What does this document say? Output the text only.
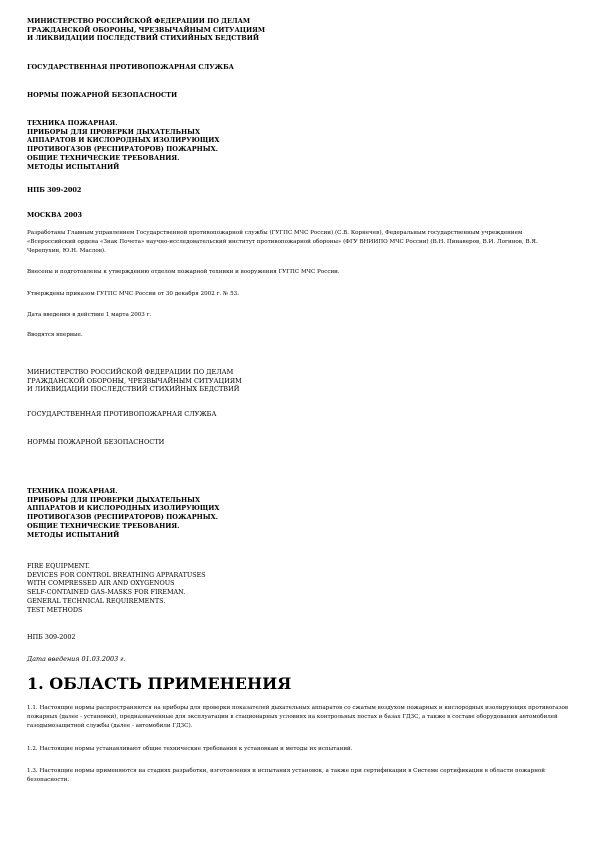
МИНИСТЕРСТВО РОССИЙСКОЙ ФЕДЕРАЦИИ ПО ДЕЛАМ
ГРАЖДАНСКОЙ ОБОРОНЫ, ЧРЕЗВЫЧАЙНЫМ СИТУАЦИЯМ
И ЛИКВИДАЦИИ ПОСЛЕДСТВИЙ СТИХИЙНЫХ БЕДСТВИЙ

ГОСУДАРСТВЕННАЯ ПРОТИВОПОЖАРНАЯ СЛУЖБА

НОРМЫ ПОЖАРНОЙ БЕЗОПАСНОСТИ

ТЕХНИКА ПОЖАРНАЯ.
ПРИБОРЫ ДЛЯ ПРОВЕРКИ ДЫХАТЕЛЬНЫХ
АППАРАТОВ И КИСЛОРОДНЫХ ИЗОЛИРУЮЩИХ
ПРОТИВОГАЗОВ (РЕСПИРАТОРОВ) ПОЖАРНЫХ.
ОБЩИЕ ТЕХНИЧЕСКИЕ ТРЕБОВАНИЯ.
МЕТОДЫ ИСПЫТАНИЙ

НПБ 309-2002

МОСКВА 2003

Разработаны Главным управлением Государственной противопожарной службы (ГУГПС МЧС России) (С.В. Корнечев), Федеральным государственным учреждением «Всероссийский ордена «Знак Почета» научно-исследовательский институт противопожарной обороны» (ФГУ ВНИИПО МЧС России) (В.Н. Пинаверов, В.И. Логинов, В.Я. Черепухин, Ю.Н. Маслов).

Внесены и подготовлены к утверждению отделом пожарной техники и вооружения ГУГПС МЧС России.

Утверждены приказом ГУГПС МЧС России от 30 декабря 2002 г. № 53.

Дата введения в действие 1 марта 2003 г.

Вводятся впервые.

МИНИСТЕРСТВО РОССИЙСКОЙ ФЕДЕРАЦИИ ПО ДЕЛАМ
ГРАЖДАНСКОЙ ОБОРОНЫ, ЧРЕЗВЫЧАЙНЫМ СИТУАЦИЯМ
И ЛИКВИДАЦИИ ПОСЛЕДСТВИЙ СТИХИЙНЫХ БЕДСТВИЙ

ГОСУДАРСТВЕННАЯ ПРОТИВОПОЖАРНАЯ СЛУЖБА

НОРМЫ ПОЖАРНОЙ БЕЗОПАСНОСТИ

ТЕХНИКА ПОЖАРНАЯ.
ПРИБОРЫ ДЛЯ ПРОВЕРКИ ДЫХАТЕЛЬНЫХ
АППАРАТОВ И КИСЛОРОДНЫХ ИЗОЛИРУЮЩИХ
ПРОТИВОГАЗОВ (РЕСПИРАТОРОВ) ПОЖАРНЫХ.
ОБЩИЕ ТЕХНИЧЕСКИЕ ТРЕБОВАНИЯ.
МЕТОДЫ ИСПЫТАНИЙ

FIRE EQUIPMENT.
DEVICES FOR CONTROL BREATHING APPARATUSES
WITH COMPRESSED AIR AND OXYGENOUS
SELF-CONTAINED GAS-MASKS FOR FIREMAN.
GENERAL TECHNICAL REQUIREMENTS.
TEST METHODS

НПБ 309-2002

Дата введения 01.03.2003 г.

1. ОБЛАСТЬ ПРИМЕНЕНИЯ

1.1. Настоящие нормы распространяются на приборы для проверки показателей дыхательных аппаратов со сжатым воздухом пожарных и кислородных изолирующих противогазов пожарных (далее - установки), предназначенные для эксплуатации в стационарных условиях на контрольных постах и базах ГДЗС, а также в составе оборудования автомобилей газодымозащитной службы (далее - автомобили ГДЗС).

1.2. Настоящие нормы устанавливают общие технические требования к установкам и методы их испытаний.

1.3. Настоящие нормы применяются на стадиях разработки, изготовления и испытания установок, а также при сертификации в Системе сертификации в области пожарной безопасности.
